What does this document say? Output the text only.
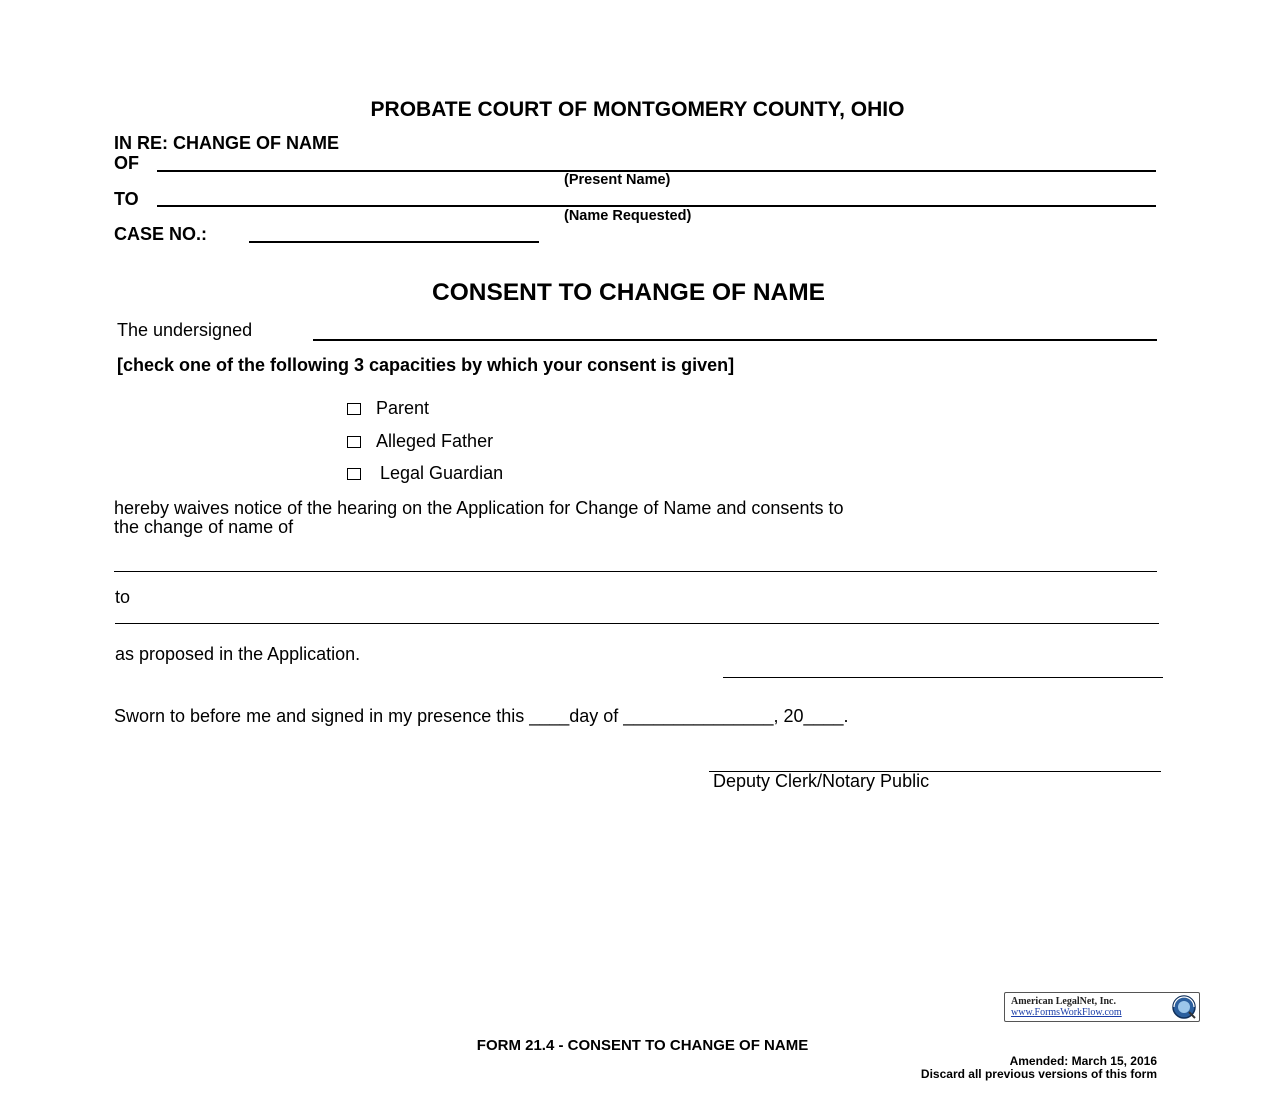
PROBATE COURT OF MONTGOMERY COUNTY, OHIO
IN RE: CHANGE OF NAME
OF
(Present Name)
TO
(Name Requested)
CASE NO.:
CONSENT TO CHANGE OF NAME
The undersigned
[check one of the following 3 capacities by which your consent is given]
Parent
Alleged Father
Legal Guardian
hereby waives notice of the hearing on the Application for Change of Name and consents to
the change of name of
to
as proposed in the Application.
Sworn to before me and signed in my presence this ____day of _______________, 20____.
Deputy Clerk/Notary Public
American LegalNet, Inc.
www.FormsWorkFlow.com
FORM 21.4 - CONSENT TO CHANGE OF NAME
Amended: March 15, 2016
Discard all previous versions of this form
